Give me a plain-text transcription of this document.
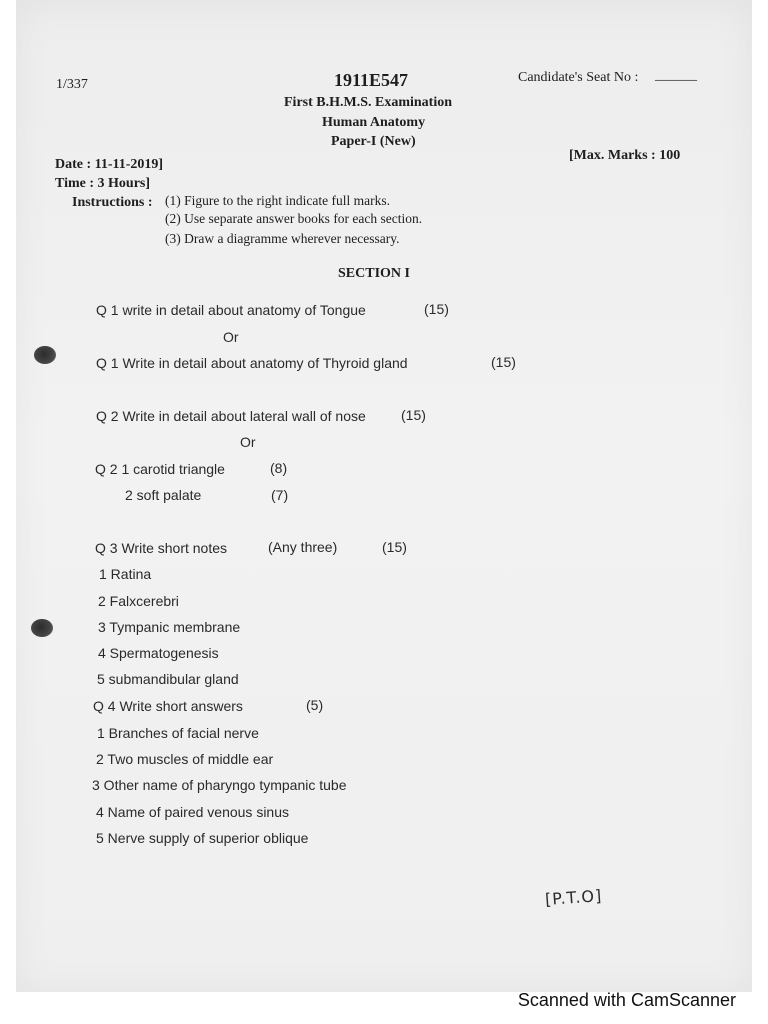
1/337	1911E547	Candidate's Seat No : ______
First B.H.M.S. Examination
Human Anatomy
Paper-I (New)
Date : 11-11-2019]
[Max. Marks : 100
Time : 3 Hours]
Instructions : (1) Figure to the right indicate full marks.
(2) Use separate answer books for each section.
(3) Draw a diagramme wherever necessary.
SECTION I
Q 1 write in detail about anatomy of Tongue	(15)
Or
Q 1 Write in detail about anatomy of Thyroid gland	(15)
Q 2 Write in detail about lateral wall of nose	(15)
Or
Q 2 1 carotid triangle	(8)
2 soft palate	(7)
Q 3 Write short notes	(Any three)	(15)
1 Ratina
2 Falxcerebri
3 Tympanic membrane
4 Spermatogenesis
5 submandibular gland
Q 4 Write short answers	(5)
1 Branches of facial nerve
2 Two muscles of middle ear
3 Other name of pharyngo tympanic tube
4 Name of paired venous sinus
5 Nerve supply of superior oblique
[P.T.O]
Scanned with CamScanner
